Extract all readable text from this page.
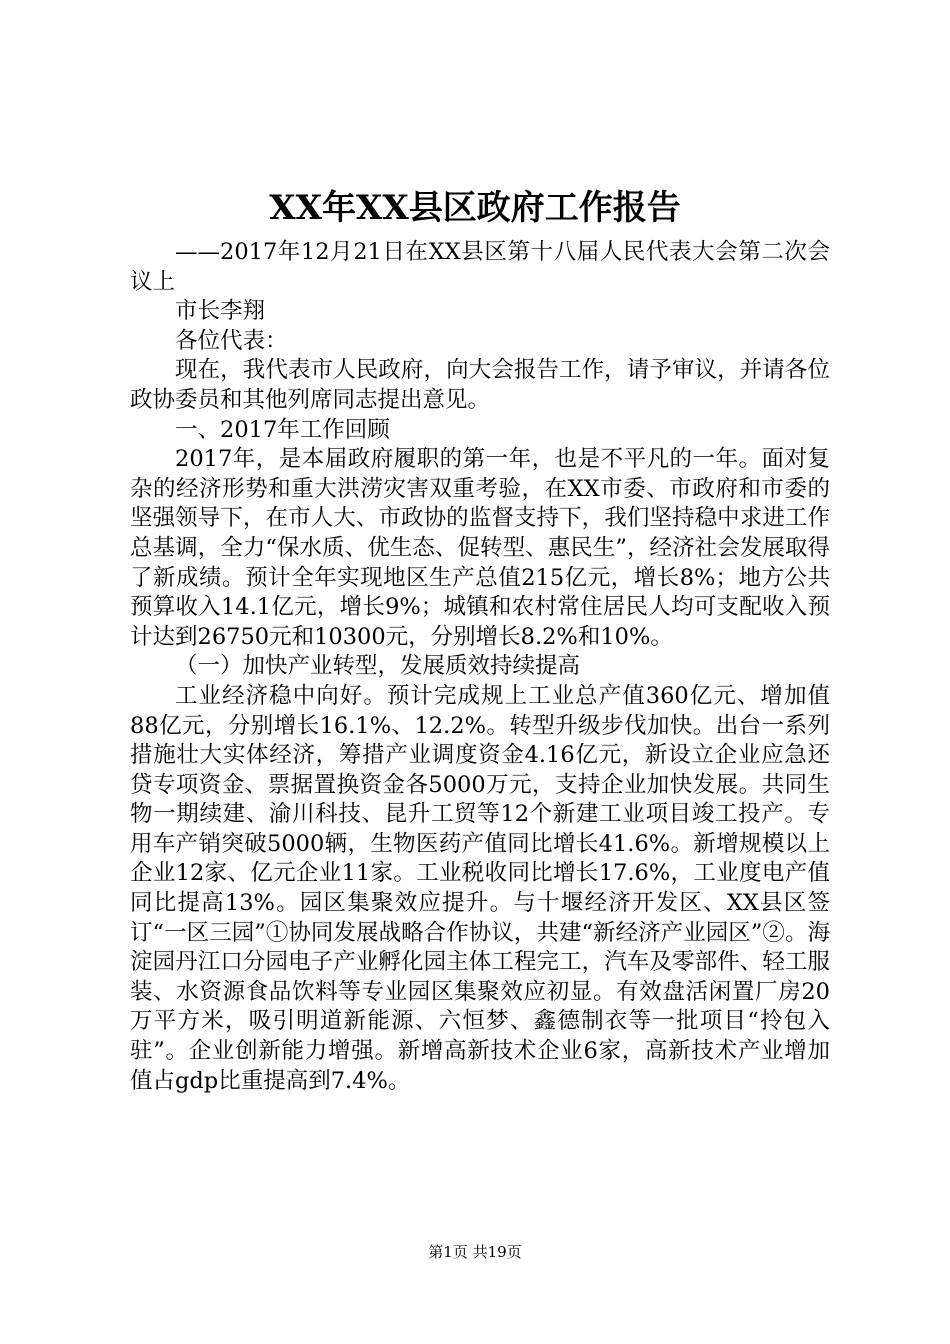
XX年XX县区政府工作报告

——2017年12月21日在XX县区第十八届人民代表大会第二次会议上

市长李翔

各位代表：

现在，我代表市人民政府，向大会报告工作，请予审议，并请各位政协委员和其他列席同志提出意见。

一、2017年工作回顾

2017年，是本届政府履职的第一年，也是不平凡的一年。面对复杂的经济形势和重大洪涝灾害双重考验，在XX市委、市政府和市委的坚强领导下，在市人大、市政协的监督支持下，我们坚持稳中求进工作总基调，全力“保水质、优生态、促转型、惠民生”，经济社会发展取得了新成绩。预计全年实现地区生产总值215亿元，增长8%；地方公共预算收入14.1亿元，增长9%；城镇和农村常住居民人均可支配收入预计达到26750元和10300元，分别增长8.2%和10%。

（一）加快产业转型，发展质效持续提高

工业经济稳中向好。预计完成规上工业总产值360亿元、增加值88亿元，分别增长16.1%、12.2%。转型升级步伐加快。出台一系列措施壮大实体经济，筹措产业调度资金4.16亿元，新设立企业应急还贷专项资金、票据置换资金各5000万元，支持企业加快发展。共同生物一期续建、渝川科技、昆升工贸等12个新建工业项目竣工投产。专用车产销突破5000辆，生物医药产值同比增长41.6%。新增规模以上企业12家、亿元企业11家。工业税收同比增长17.6%，工业度电产值同比提高13%。园区集聚效应提升。与十堰经济开发区、XX县区签订“一区三园”①协同发展战略合作协议，共建“新经济产业园区”②。海淀园丹江口分园电子产业孵化园主体工程完工，汽车及零部件、轻工服装、水资源食品饮料等专业园区集聚效应初显。有效盘活闲置厂房20万平方米，吸引明道新能源、六恒梦、鑫德制衣等一批项目“拎包入驻”。企业创新能力增强。新增高新技术企业6家，高新技术产业增加值占gdp比重提高到7.4%。

第1页 共19页
